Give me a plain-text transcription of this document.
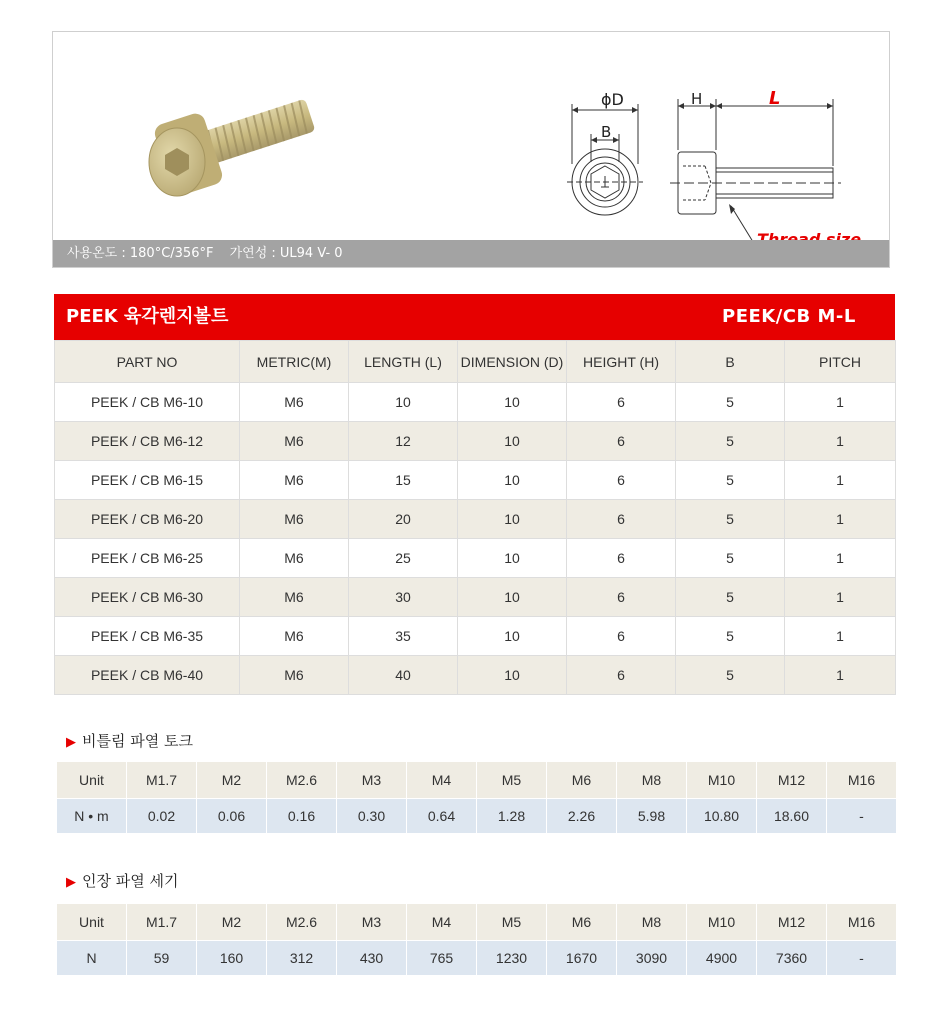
ϕD
B
H	L
사용온도 : 180°C/356°F 가연성 : UL94 V- 0
PEEK 육각렌지볼트	PEEK/CB M-L
PART NO	METRIC(M)	LENGTH (L)	DIMENSION (D)	HEIGHT (H)	B	PITCH
PEEK / CB M6-10	M6	10	10	6	5	1
PEEK / CB M6-12	M6	12	10	6	5	1
PEEK / CB M6-15	M6	15	10	6	5	1
PEEK / CB M6-20	M6	20	10	6	5	1
PEEK / CB M6-25	M6	25	10	6	5	1
PEEK / CB M6-30	M6	30	10	6	5	1
PEEK / CB M6-35	M6	35	10	6	5	1
PEEK / CB M6-40	M6	40	10	6	5	1
▶ 비틀림 파열 토크
Unit	M1.7	M2	M2.6	M3	M4	M5	M6	M8	M10	M12	M16
N • m	0.02	0.06	0.16	0.30	0.64	1.28	2.26	5.98	10.80	18.60	-
▶ 인장 파열 세기
Unit	M1.7	M2	M2.6	M3	M4	M5	M6	M8	M10	M12	M16
N	59	160	312	430	765	1230	1670	3090	4900	7360	-
